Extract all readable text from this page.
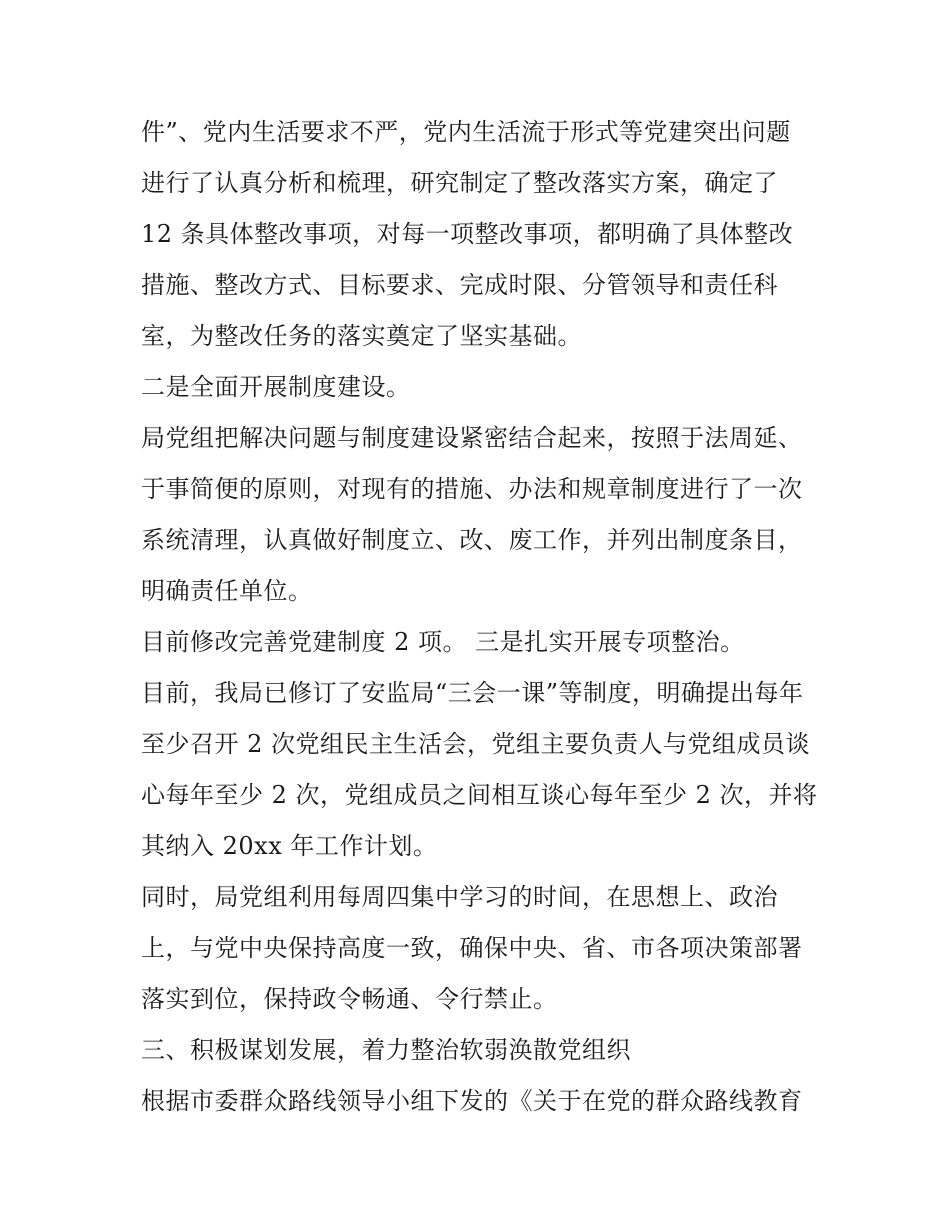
件”、党内生活要求不严，党内生活流于形式等党建突出问题
进行了认真分析和梳理，研究制定了整改落实方案，确定了
12 条具体整改事项，对每一项整改事项，都明确了具体整改
措施、整改方式、目标要求、完成时限、分管领导和责任科
室，为整改任务的落实奠定了坚实基础。
二是全面开展制度建设。
局党组把解决问题与制度建设紧密结合起来，按照于法周延、
于事简便的原则，对现有的措施、办法和规章制度进行了一次
系统清理，认真做好制度立、改、废工作，并列出制度条目，
明确责任单位。
目前修改完善党建制度 2 项。 三是扎实开展专项整治。
目前，我局已修订了安监局“三会一课”等制度，明确提出每年
至少召开 2 次党组民主生活会，党组主要负责人与党组成员谈
心每年至少 2 次，党组成员之间相互谈心每年至少 2 次，并将
其纳入 20xx 年工作计划。
同时，局党组利用每周四集中学习的时间，在思想上、政治
上，与党中央保持高度一致，确保中央、省、市各项决策部署
落实到位，保持政令畅通、令行禁止。
三、积极谋划发展，着力整治软弱涣散党组织
根据市委群众路线领导小组下发的《关于在党的群众路线教育
